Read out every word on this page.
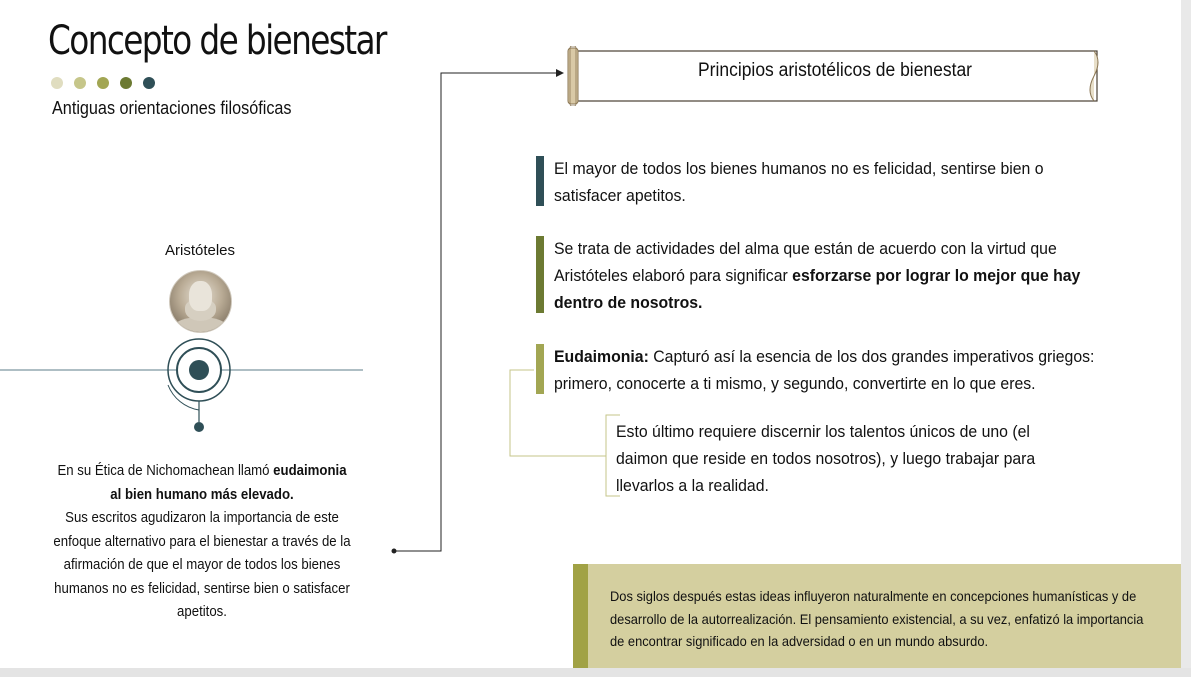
Concepto de bienestar
Antiguas orientaciones filosóficas
Aristóteles
En su Ética de Nichomachean llamó eudaimonia al bien humano más elevado.
Sus escritos agudizaron la importancia de este enfoque alternativo para el bienestar a través de la afirmación de que el mayor de todos los bienes humanos no es felicidad, sentirse bien o satisfacer apetitos.
Principios aristotélicos de bienestar
El mayor de todos los bienes humanos no es felicidad, sentirse bien o satisfacer apetitos.
Se trata de actividades del alma que están de acuerdo con la virtud que Aristóteles elaboró para significar esforzarse por lograr lo mejor que hay dentro de nosotros.
Eudaimonia: Capturó así la esencia de los dos grandes imperativos griegos: primero, conocerte a ti mismo, y segundo, convertirte en lo que eres.
Esto último requiere discernir los talentos únicos de uno (el daimon que reside en todos nosotros), y luego trabajar para llevarlos a la realidad.
Dos siglos después estas ideas influyeron naturalmente en concepciones humanísticas y de desarrollo de la autorrealización. El pensamiento existencial, a su vez, enfatizó la importancia de encontrar significado en la adversidad o en un mundo absurdo.
